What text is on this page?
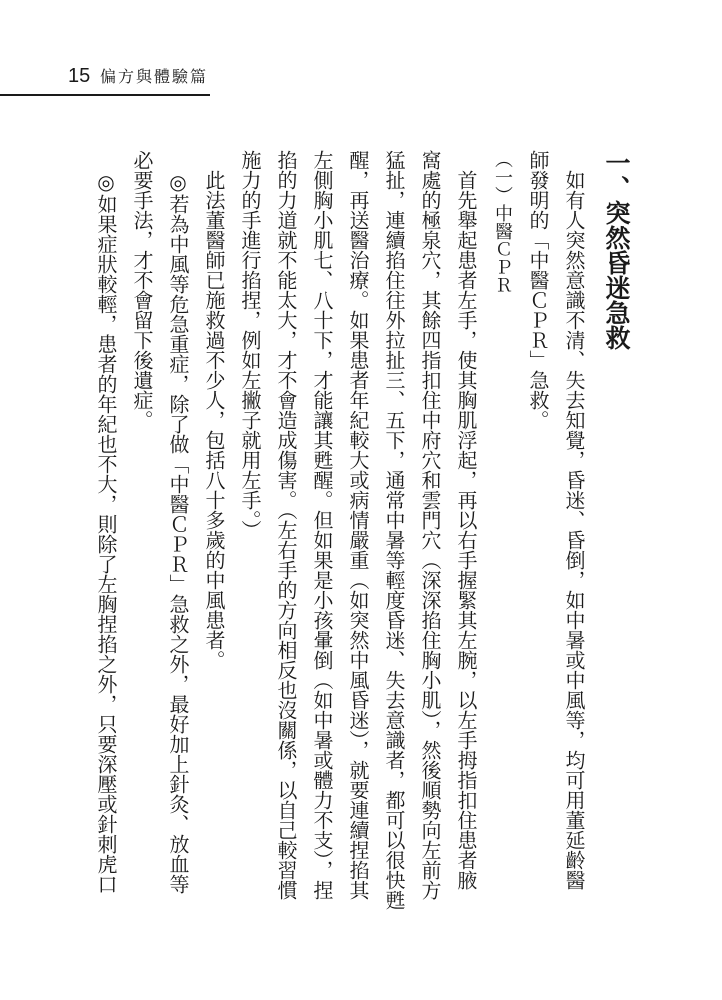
15 偏方與體驗篇
一、突然昏迷急救
如有人突然意識不清、失去知覺，昏迷、昏倒，如中暑或中風等，均可用董延齡醫
師發明的「中醫ＣＰＲ」急救。
（一）中醫ＣＰＲ
首先舉起患者左手，使其胸肌浮起，再以右手握緊其左腕，以左手拇指扣住患者腋
窩處的極泉穴，其餘四指扣住中府穴和雲門穴（深深掐住胸小肌），然後順勢向左前方
猛扯，連續掐住往外拉扯三、五下，通常中暑等輕度昏迷、失去意識者，都可以很快甦
醒，再送醫治療。如果患者年紀較大或病情嚴重（如突然中風昏迷），就要連續捏掐其
左側胸小肌七、八十下，才能讓其甦醒。但如果是小孩暈倒（如中暑或體力不支），捏
掐的力道就不能太大，才不會造成傷害。（左右手的方向相反也沒關係，以自己較習慣
施力的手進行掐捏，例如左撇子就用左手。）
此法董醫師已施救過不少人，包括八十多歲的中風患者。
◎若為中風等危急重症，除了做「中醫ＣＰＲ」急救之外，最好加上針灸、放血等
必要手法，才不會留下後遺症。
◎如果症狀較輕，患者的年紀也不大，則除了左胸捏掐之外，只要深壓或針刺虎口
